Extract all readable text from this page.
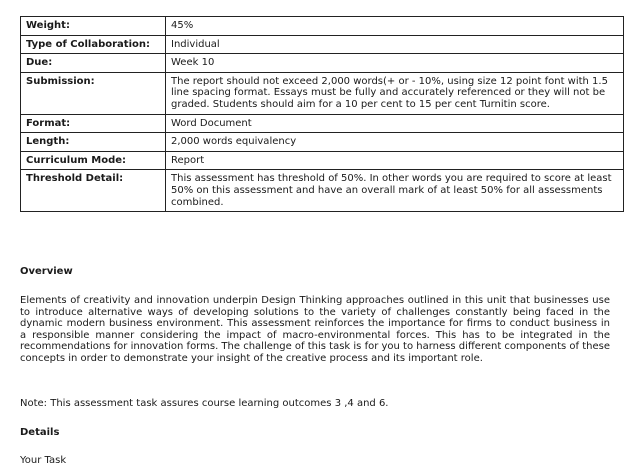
Weight:	45%
Type of Collaboration:	Individual
Due:	Week 10
Submission:	The report should not exceed 2,000 words(+ or - 10%, using size 12 point font with 1.5 line spacing format. Essays must be fully and accurately referenced or they will not be graded. Students should aim for a 10 per cent to 15 per cent Turnitin score.
Format:	Word Document
Length:	2,000 words equivalency
Curriculum Mode:	Report
Threshold Detail:	This assessment has threshold of 50%. In other words you are required to score at least 50% on this assessment and have an overall mark of at least 50% for all assessments combined.
Overview
Elements of creativity and innovation underpin Design Thinking approaches outlined in this unit that businesses use to introduce alternative ways of developing solutions to the variety of challenges constantly being faced in the dynamic modern business environment. This assessment reinforces the importance for firms to conduct business in a responsible manner considering the impact of macro-environmental forces. This has to be integrated in the recommendations for innovation forms. The challenge of this task is for you to harness different components of these concepts in order to demonstrate your insight of the creative process and its important role.
Note: This assessment task assures course learning outcomes 3 ,4 and 6.
Details
Your Task
